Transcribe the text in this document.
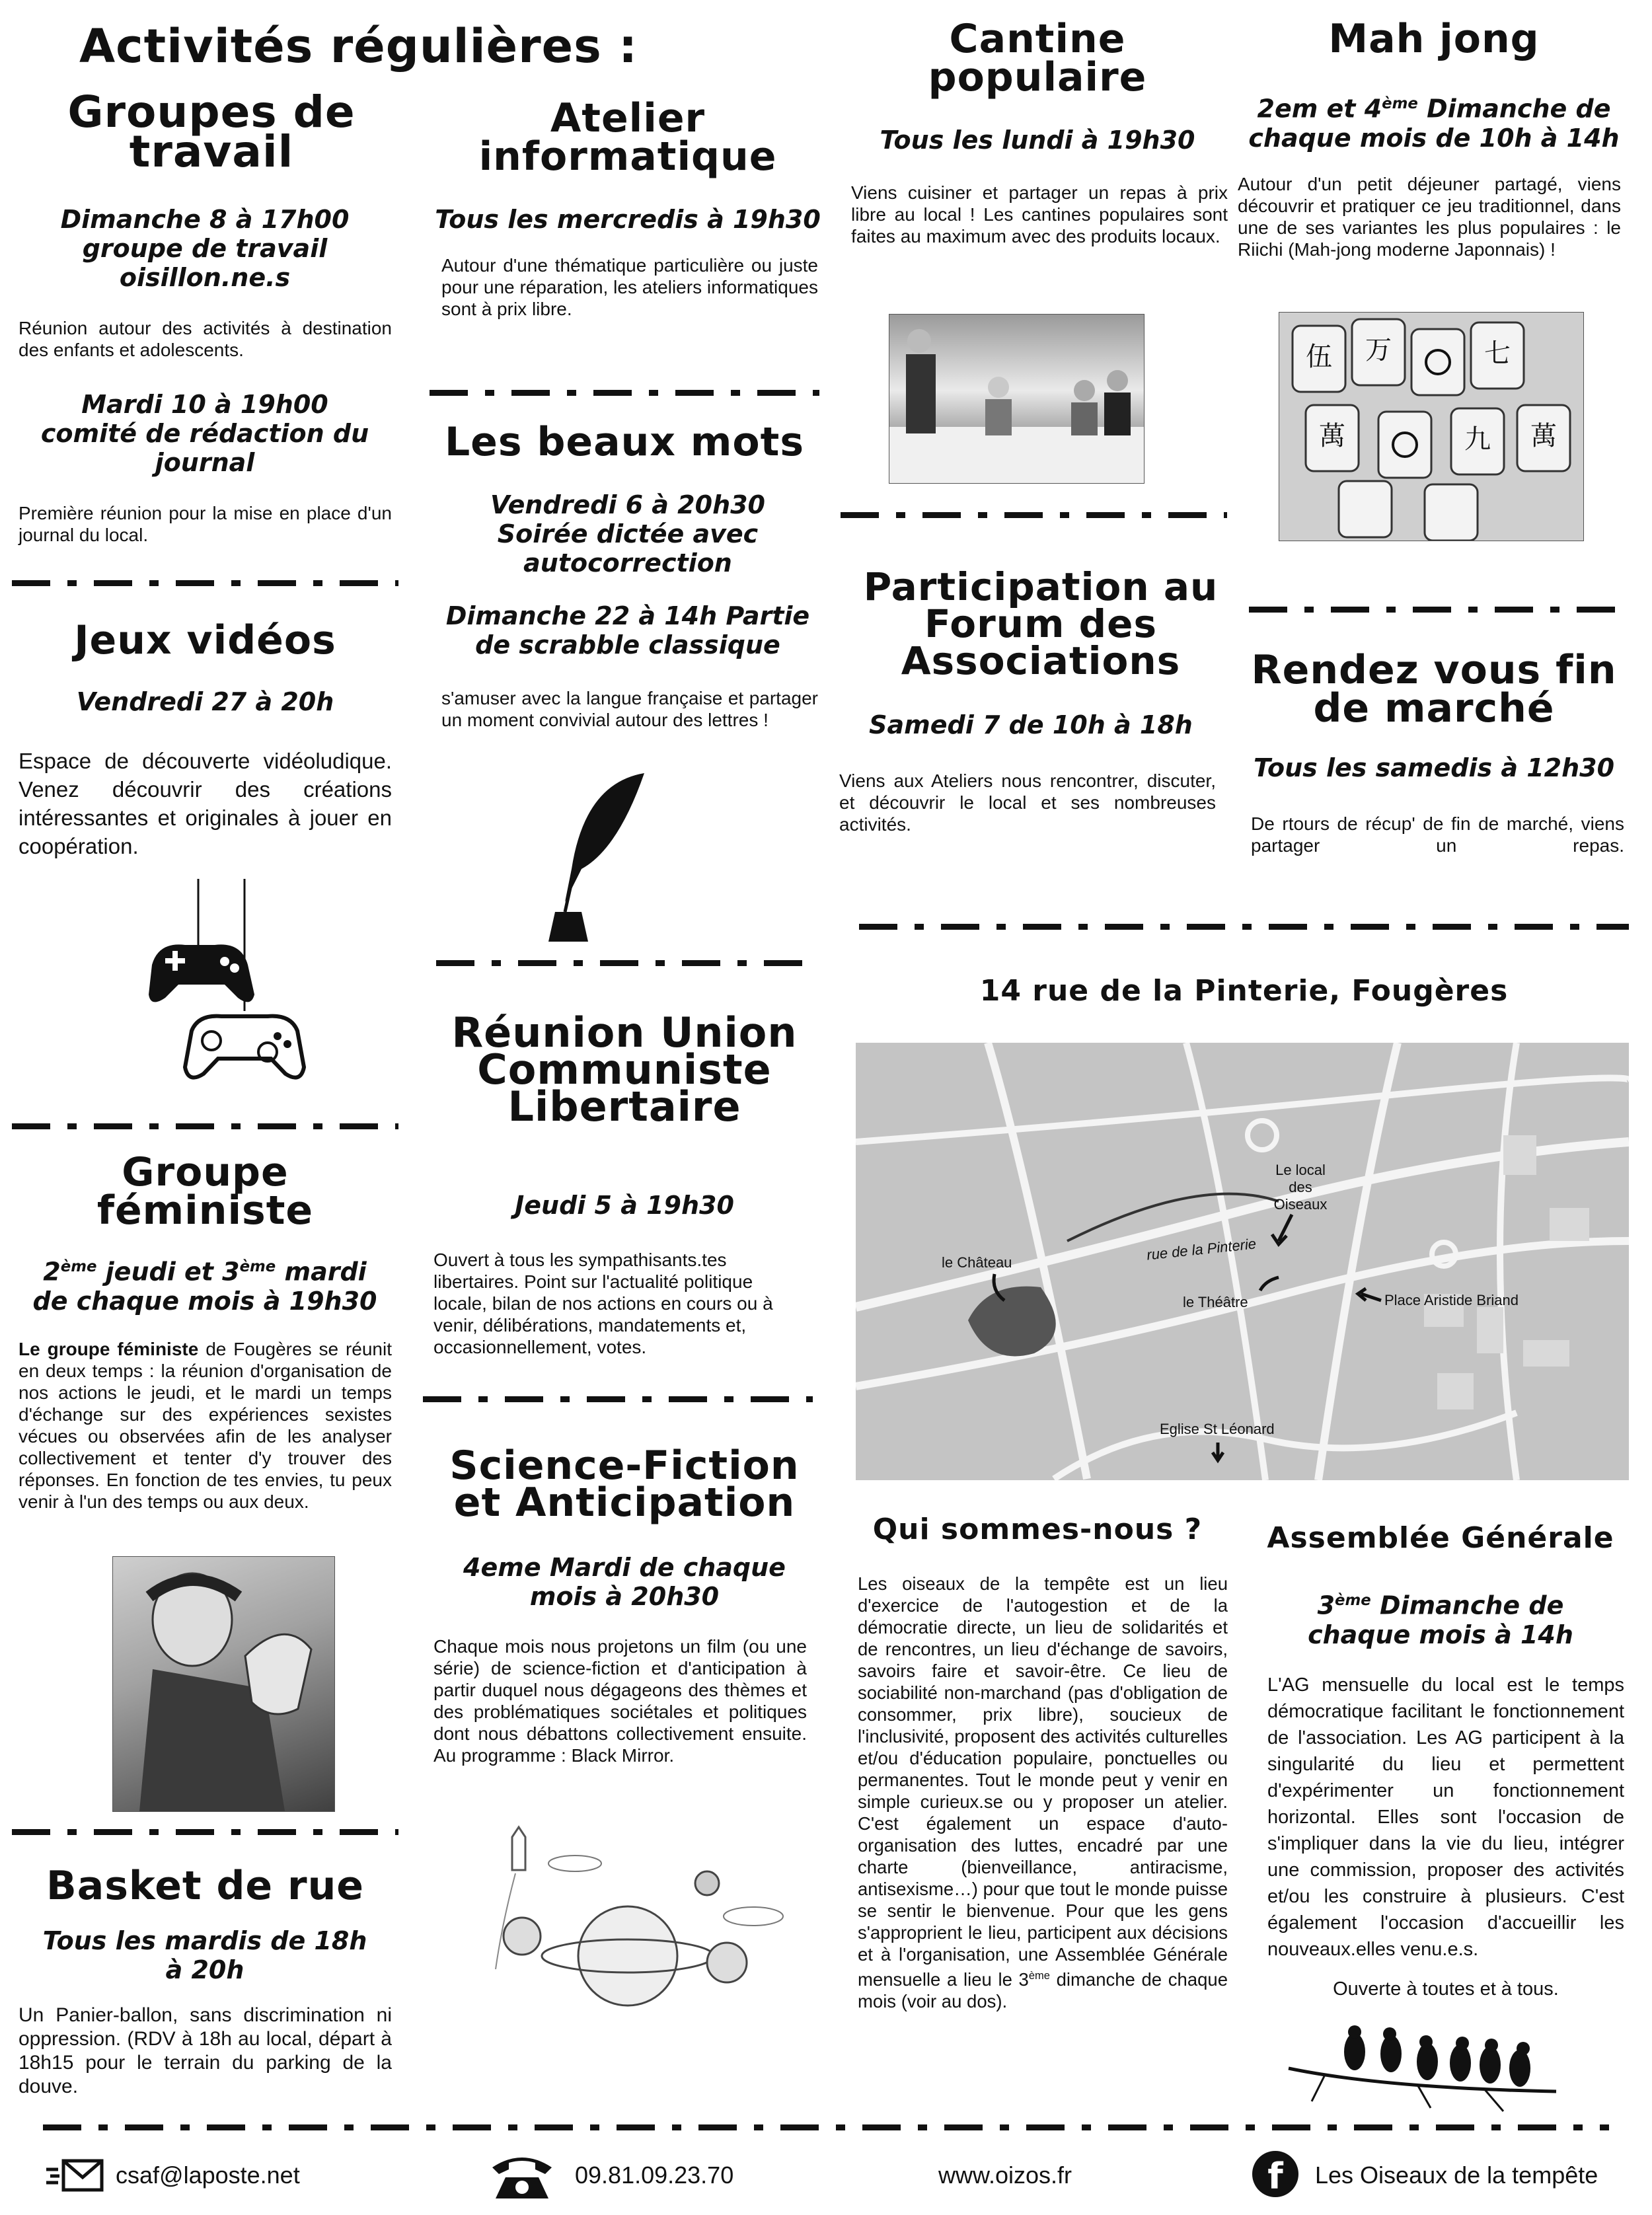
Activités régulières :
Groupes de travail
Dimanche 8 à 17h00 groupe de travail oisillon.ne.s
Réunion autour des activités à destination des enfants et adolescents.
Mardi 10 à 19h00 comité de rédaction du journal
Première réunion pour la mise en place d'un journal du local.
Jeux vidéos
Vendredi 27 à 20h
Espace de découverte vidéoludique. Venez découvrir des créations intéressantes et originales à jouer en coopération.
Groupe féministe
2ème jeudi et 3ème mardi de chaque mois à 19h30
Le groupe féministe de Fougères se réunit en deux temps : la réunion d'organisation de nos actions le jeudi, et le mardi un temps d'échange sur des expériences sexistes vécues ou observées afin de les analyser collectivement et tenter d'y trouver des réponses. En fonction de tes envies, tu peux venir à l'un des temps ou aux deux.
Basket de rue
Tous les mardis de 18h à 20h
Un Panier-ballon, sans discrimination ni oppression. (RDV à 18h au local, départ à 18h15 pour le terrain du parking de la douve.
Atelier informatique
Tous les mercredis à 19h30
Autour d'une thématique particulière ou juste pour une réparation, les ateliers informatiques sont à prix libre.
Les beaux mots
Vendredi 6 à 20h30 Soirée dictée avec autocorrection
Dimanche 22 à 14h Partie de scrabble classique
s'amuser avec la langue française et partager un moment convivial autour des lettres !
Réunion Union Communiste Libertaire
Jeudi 5 à 19h30
Ouvert à tous les sympathisants.tes libertaires. Point sur l'actualité politique locale, bilan de nos actions en cours ou à venir, délibérations, mandatements et, occasionnellement, votes.
Science-Fiction et Anticipation
4eme Mardi de chaque mois à 20h30
Chaque mois nous projetons un film (ou une série) de science-fiction et d'anticipation à partir duquel nous dégageons des thèmes et des problématiques sociétales et politiques dont nous débattons collectivement ensuite. Au programme : Black Mirror.
Cantine populaire
Tous les lundi à 19h30
Viens cuisiner et partager un repas à prix libre au local ! Les cantines populaires sont faites au maximum avec des produits locaux.
Participation au Forum des Associations
Samedi 7 de 10h à 18h
Viens aux Ateliers nous rencontrer, discuter, et découvrir le local et ses nombreuses activités.
Mah jong
2em et 4ème Dimanche de chaque mois de 10h à 14h
Autour d'un petit déjeuner partagé, viens découvrir et pratiquer ce jeu traditionnel, dans une de ses variantes les plus populaires : le Riichi (Mah-jong moderne Japonnais) !
伍 万	七
萬	九 萬
Rendez vous fin de marché
Tous les samedis à 12h30
De rtours de récup' de fin de marché, viens partager un repas.
14 rue de la Pinterie, Fougères
Le local des Oiseaux
le Château	rue de la Pinterie
le Théâtre	Place Aristide Briand
Eglise St Léonard
Qui sommes-nous ?
Les oiseaux de la tempête est un lieu d'exercice de l'autogestion et de la démocratie directe, un lieu de solidarités et de rencontres, un lieu d'échange de savoirs, savoirs faire et savoir-être. Ce lieu de sociabilité non-marchand (pas d'obligation de consommer, prix libre), soucieux de l'inclusivité, proposent des activités culturelles et/ou d'éducation populaire, ponctuelles ou permanentes. Tout le monde peut y venir en simple curieux.se ou y proposer un atelier. C'est également un espace d'auto-organisation des luttes, encadré par une charte (bienveillance, antiracisme, antisexisme…) pour que tout le monde puisse se sentir le bienvenue. Pour que les gens s'approprient le lieu, participent aux décisions et à l'organisation, une Assemblée Générale mensuelle a lieu le 3ème dimanche de chaque mois (voir au dos).
Assemblée Générale
3ème Dimanche de chaque mois à 14h
L'AG mensuelle du local est le temps démocratique facilitant le fonctionnement de l'association. Les AG participent à la singularité du lieu et permettent d'expérimenter un fonctionnement horizontal. Elles sont l'occasion de s'impliquer dans la vie du lieu, intégrer une commission, proposer des activités et/ou les construire à plusieurs. C'est également l'occasion d'accueillir les nouveaux.elles venu.e.s.
Ouverte à toutes et à tous.
csaf@laposte.net	09.81.09.23.70	www.oizos.fr	f	Les Oiseaux de la tempête
